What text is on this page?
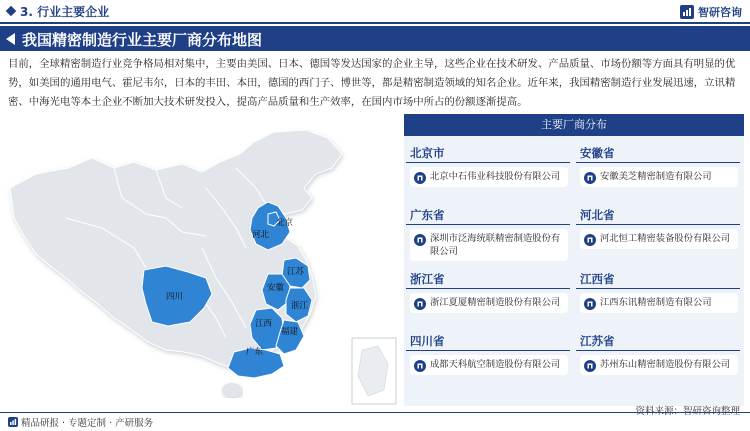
3. 行业主要企业	智研咨询
我国精密制造行业主要厂商分布地图
目前，全球精密制造行业竞争格局相对集中，主要由美国、日本、德国等发达国家的企业主导，这些企业在技术研发、产品质量、市场份额等方面具有明显的优势，如美国的通用电气、霍尼韦尔，日本的丰田、本田，德国的西门子、博世等，都是精密制造领域的知名企业。近年来，我国精密制造行业发展迅速，立讯精密、中海光电等本土企业不断加大技术研发投入，提高产品质量和生产效率，在国内市场中所占的份额逐渐提高。
北京
河北
江苏
安徽
浙江
江西
福建
广东
四川
主要厂商分布
北京市
北京中石伟业科技股份有限公司
广东省
深圳市泛海统联精密制造股份有限公司
浙江省
浙江夏厦精密制造股份有限公司
四川省
成都天科航空制造股份有限公司
安徽省
安徽美芝精密制造有限公司
河北省
河北恒工精密装备股份有限公司
江西省
江西东讯精密制造有限公司
江苏省
苏州东山精密制造股份有限公司
精品研报 · 专题定制 · 产研服务
